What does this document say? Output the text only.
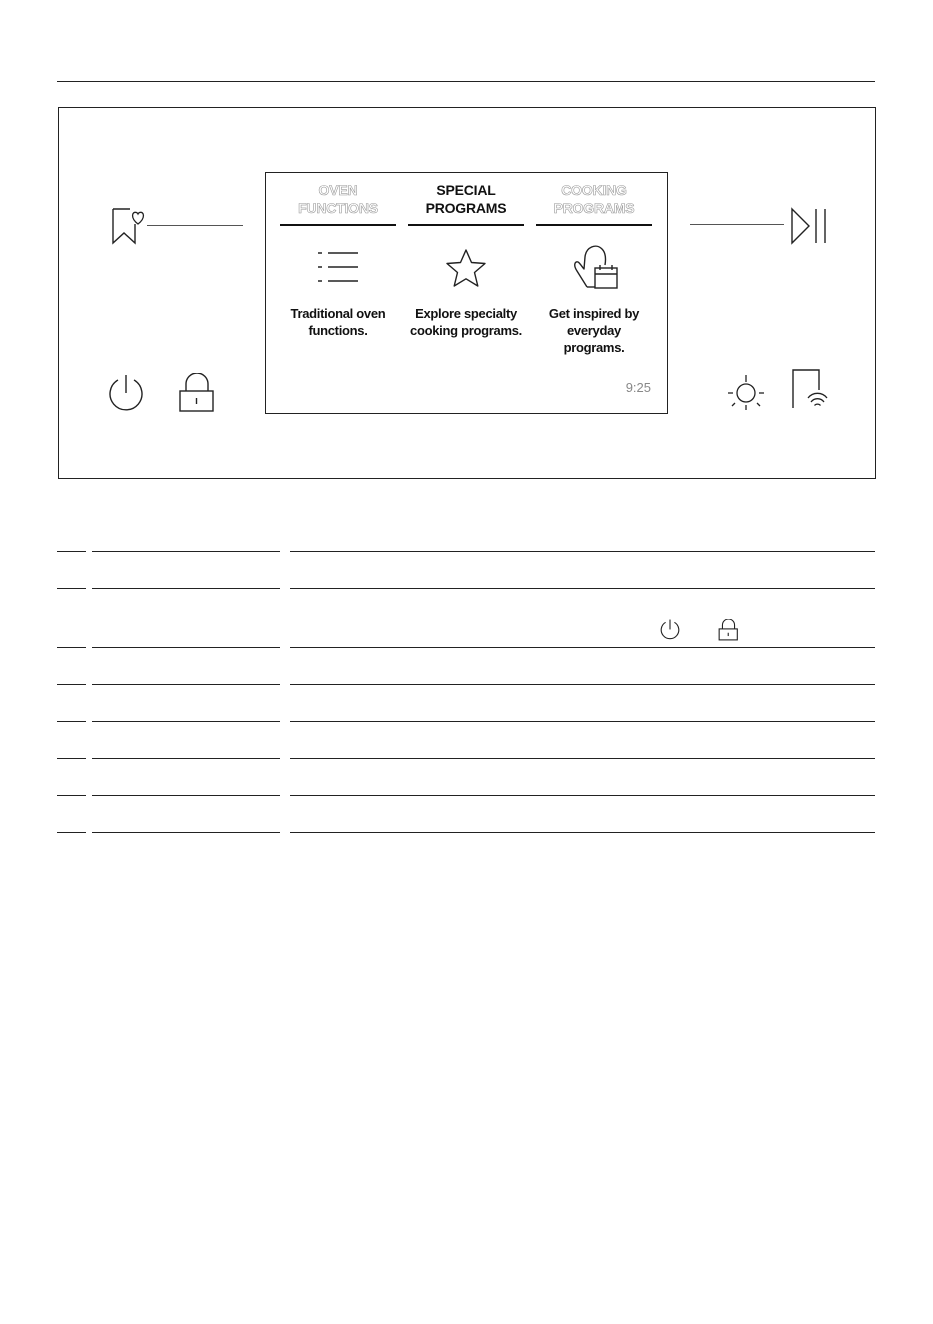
OVEN
FUNCTIONS
SPECIAL
PROGRAMS
COOKING
PROGRAMS
Traditional oven functions.
Explore specialty cooking programs.
Get inspired by everyday programs.
9:25
